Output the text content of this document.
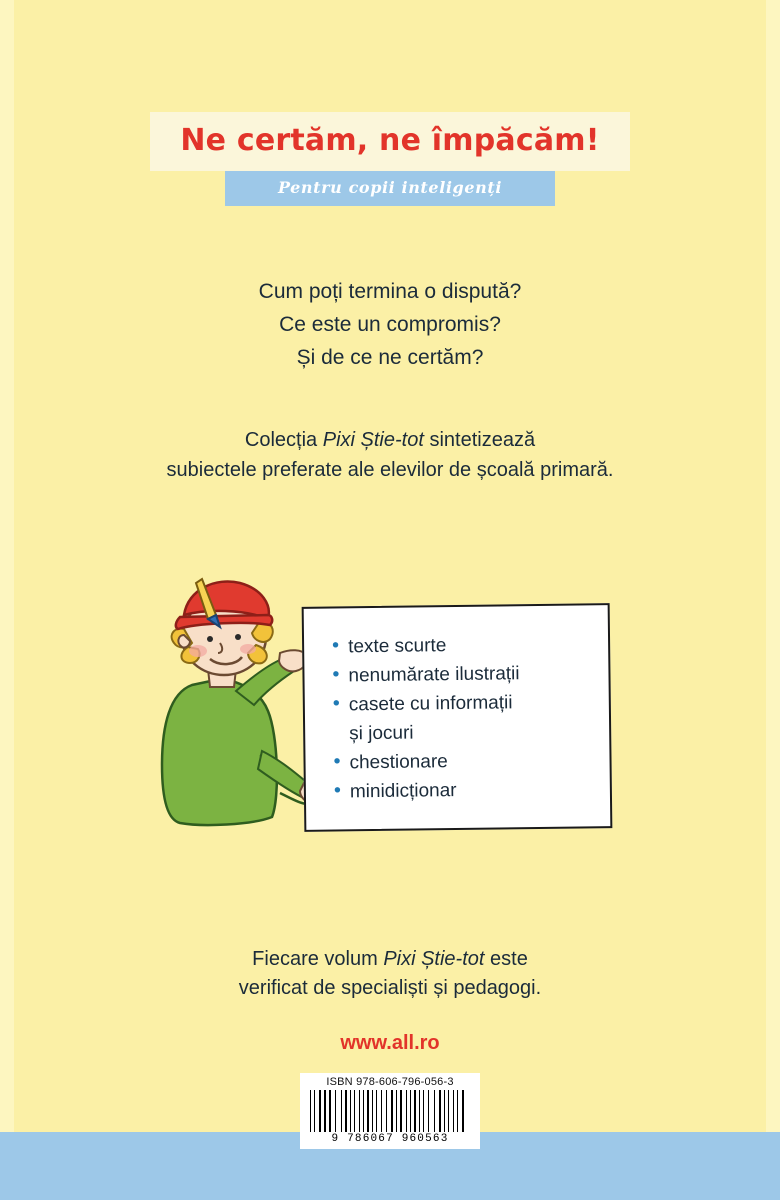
Ne certăm, ne împăcăm!

Pentru copii inteligenți

Cum poți termina o dispută?
Ce este un compromis?
Și de ce ne certăm?
Colecția Pixi Știe-tot sintetizează
subiectele preferate ale elevilor de școală primară.
• texte scurte
• nenumărate ilustrații
• casete cu informații
și jocuri
• chestionare
• minidicționar
Fiecare volum Pixi Știe-tot este
verificat de specialiști și pedagogi.
www.all.ro
ISBN 978-606-796-056-3
9 786067 960563
